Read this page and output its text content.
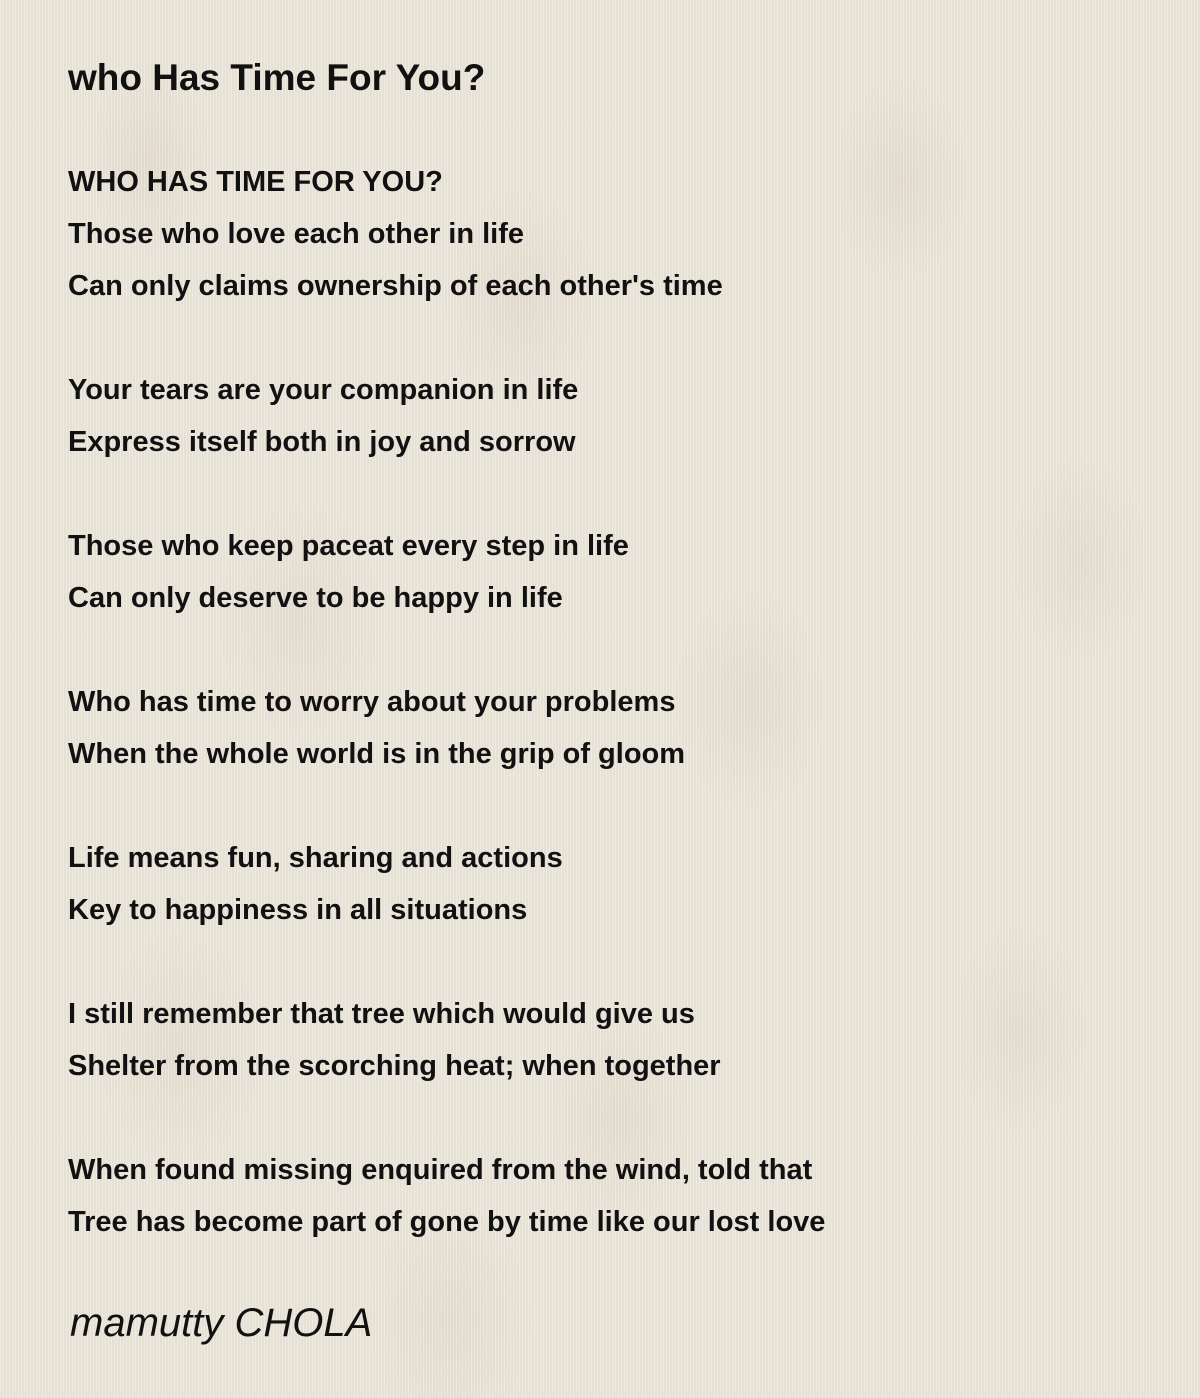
who Has Time For You?
WHO HAS TIME FOR YOU?
Those who love each other in life
Can only claims ownership of each other's time
Your tears are your companion in life
Express itself both in joy and sorrow
Those who keep paceat every step in life
Can only deserve to be happy in life
Who has time to worry about your problems
When the whole world is in the grip of gloom
Life means fun, sharing and actions
Key to happiness in all situations
I still remember that tree which would give us
Shelter from the scorching heat; when together
When found missing enquired from the wind, told that
Tree has become part of gone by time like our lost love
mamutty CHOLA
